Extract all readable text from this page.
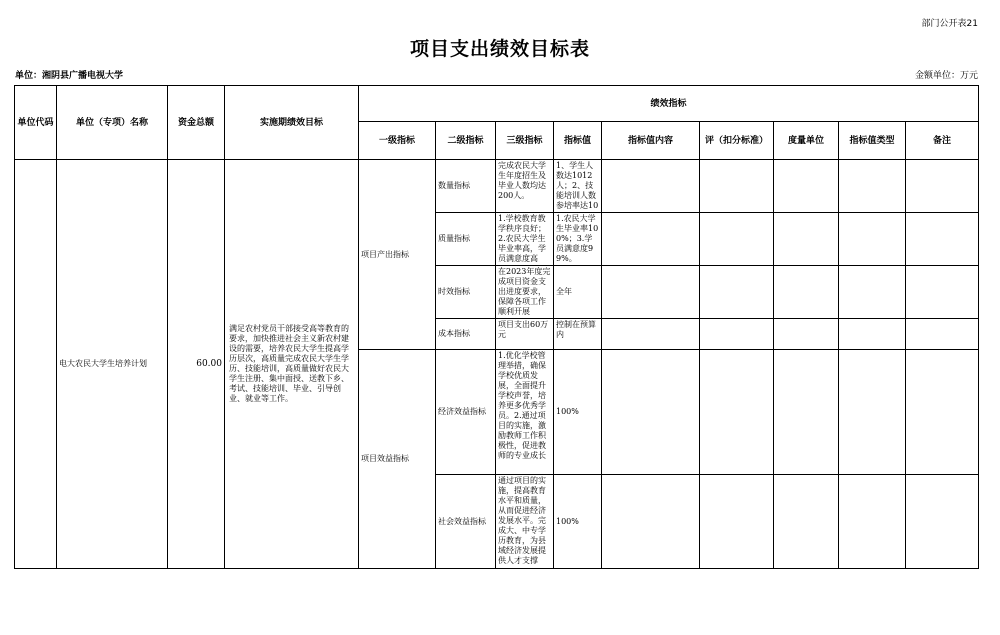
部门公开表21
项目支出绩效目标表
单位：湘阴县广播电视大学	金额单位：万元
单位代码	单位（专项）名称	资金总额	实施期绩效目标	绩效指标								
				一级指标	二级指标	三级指标	指标值	指标值内容	评（扣分标准）	度量单位	指标值类型	备注
	电大农民大学生培养计划	60.00	满足农村党员干部接受高等教育的要求，加快推进社会主义新农村建设的需要，培养农民大学生提高学历层次，高质量完成农民大学生学历、技能培训，高质量做好农民大学生注册、集中面授、送教下乡、考试、技能培训、毕业、引导创业、就业等工作。	项目产出指标	数量指标	完成农民大学生年度招生及毕业人数均达200人。	1、学生人数达1012人；2、技能培训人数参培率达10					

					质量指标	1.学校教育教学秩序良好；2.农民大学生毕业率高，学员满意度高	1.农民大学生毕业率100%；3.学员满意度99%。					

					时效指标	在2023年度完成项目资金支出进度要求，保障各项工作顺利开展	全年					
					成本指标	项目支出60万元	控制在预算内					

				项目效益指标	经济效益指标	1.优化学校管理举措，确保学校优质发展，全面提升学校声誉，培养更多优秀学员。2.通过项目的实施，激励教师工作积极性，促进教师的专业成长	100%					
					社会效益指标	通过项目的实施，提高教育水平和质量，从而促进经济发展水平。完成大、中专学历教育，为县域经济发展提供人才支撑	100%					
